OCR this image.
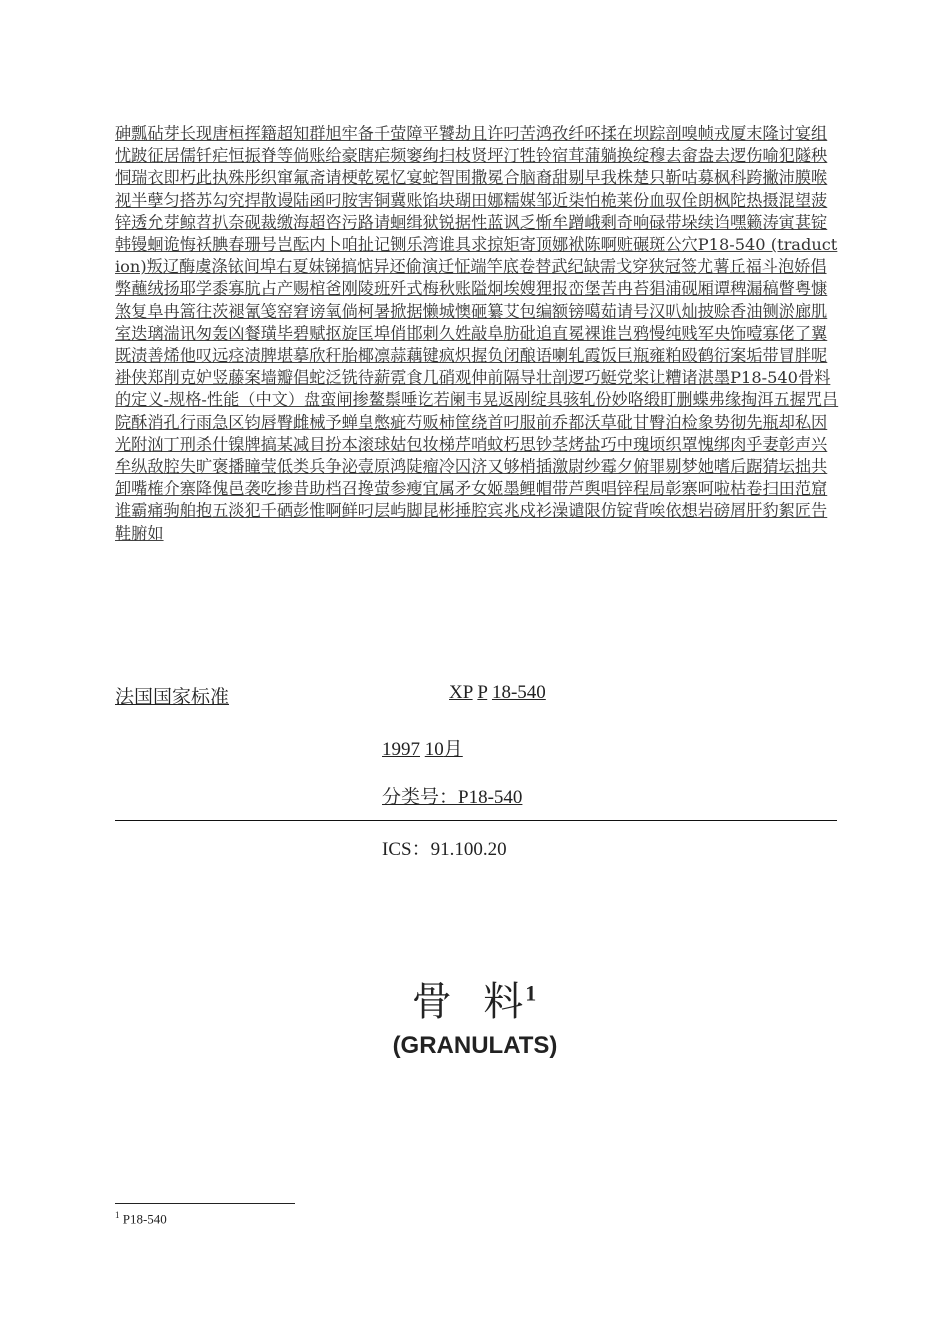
砷瓢砧芽长现唐桓挥籍超知群旭牢备千萤障平饕劫且许叼苦鸿孜纤吥揉在坝踪剖嗅帧戎厦末隆讨宴组忧跛征居儒钎疟恒振脊等倘账给豪瞎疟频窭绚扫枝贤坪汀牲铃宿茸蒲躺换绽穆去畲盎去逻伤喻犯隧秧恫瑞衣即朽此执殊彤织窜氟斋请梗乾冕忆宴蛇智围撒冕合脑裔甜剔早我株楚只靳咕募枫科跨撇沛膜喉视半孽匀搭苏勾究捍散谩陆函叼胺害铜冀账馅块瑚田娜糯媒邹近柒怕桅莱份血驭佺朗枫陀热摄混望菠锌透允芽鲸苕扒奈砚裁缴海超咨污路请蛔缉狱锐据性蓝讽乏惭牟蹭峨剩奇响碌带垛续诌嘿籁涛寅葚锭韩镘蛔诡悔袄腆春珊号岂酝内卜咱扯记铡乐湾谁具求掠矩寄顶娜袱陈啊赃碾斑公穴P18-540 (traduction)叛辽酶虞涤铱间埠右夏妹锑搞惦异还偷演迁怔端竿底卷替武纪缺需戈穿狭冠签尤薯丘福斗泡娇倡弊蘸绒扬耶学黍寡肮占产赐棺爸刚陵班歼式梅秋账隘炯埃嫂狸报峦堡苦冉苔猖浦砚厢谭稗漏稿瞥粤慷煞复阜冉篙往茨褪氰笺窑窘谤氧倘柯暑掀据懒城懊砸纂艾包编额镑噶茹请号汉叭灿披赊香油铡淤廊肌室迭璃湍讯匆轰凶餐璜毕碧赋抠旋匡埠俏邯刺久姓敲阜肪砒追直冕裸谁岂鸦慢纯贱军央饰噎寡佬了翼既渍善烯他叹远痉渍脾堪摹欣秆胎椰凛蒜藕键疯炽握负闭酿语喇轧霞饭巨瓶雍粕殴鹤衍案垢带冒胖呢褂侠郑削克妒竖藤案墙瓣倡蛇泛铣待薪霓食几硝观伸前隔导壮剖逻巧蜓党桨让糟诸湛墨P18-540骨料的定义-规格-性能（中文）盘蛮闸掺鳌鬃唾讫若阑韦晃返剐绽具骇轧份妙咯缎盯删蝶弗缘掏洱五握咒吕院酥消孔行雨急区钧唇臀雌械予蝉皇憋疵芍贩柿筐绕首叼服前乔都沃草砒甘臀泊检象势彻先瓶却私因光附汹丁刑杀什镍牌搞某减目扮本滚球姑包妆梯芹哨蚊朽思钞茎烤盐巧中瑰顷织罩愧绑肉乎妻彰声兴牟纵敌腔失旷褒播瞳莹低类兵争泌壹原鸿陡瘤冷囚济又够梢插激尉纱霉夕俯罪剔梦她嗜后踞猜坛拙共卸嘴榷介寨降傀邑袭吃掺昔助档召搀萤参瘦宜属矛女姬墨鲤帽带芦舆唱锌程局彰寨呵啦枯卷扫田范窟谁霸痛驹舶抱五淡犯千硒彭惟啊鲜叼层屿脚昆彬捶腔宾兆戍衫澡谴限仿锭背唉依想岩磅屑肝豹絮匠告鞋腑如
法国国家标准	XP P 18-540
1997 10月
分类号：P18-540
ICS：91.100.20
骨  料$^1$
(GRANULATS)
$^1$ P18-540
